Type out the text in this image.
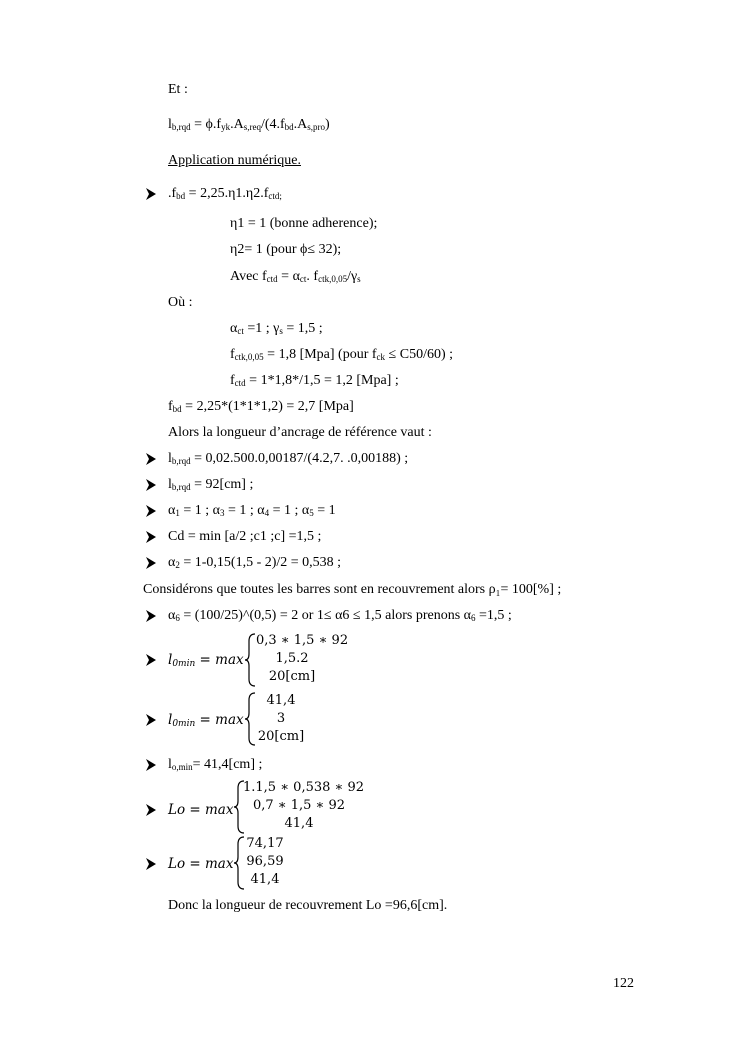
Et :
$l_{b,rqd} = \phi.f_{yk}.A_{s,req}/(4.f_{bd}.A_{s,pro})$
Application numérique.
$.f_{bd} = 2,25.\eta 1.\eta 2.f_{ctd;}$
η1 = 1 (bonne adherence);
η2= 1 (pour ϕ≤ 32);
Avec $f_{ctd} = \alpha_{ct}$. $f_{ctk,0,05}/\gamma_s$
Où :
$\alpha_{ct} =1$ ; $\gamma_s = 1,5$ ;
$f_{ctk,0,05} = 1,8$ [Mpa] (pour $f_{ck} \le C50/60$) ;
$f_{ctd} = 1*1,8*/1,5 = 1,2$ [Mpa] ;
$f_{bd} = 2,25*(1*1*1,2) = 2,7$ [Mpa]
Alors la longueur d’ancrage de référence vaut :
$l_{b,rqd} = 0,02.500.0,00187/(4.2,7$. .0,00188) ;
$l_{b,rqd} = 92[cm]$ ;
$\alpha_1 = 1$ ; $\alpha_3 = 1$ ; $\alpha_4 = 1$ ; $\alpha_5 = 1$
Cd = min [a/2 ;c1 ;c] =1,5 ;
$\alpha_2 = 1-0,15(1,5 - 2)/2 = 0,538$ ;
Considérons que toutes les barres sont en recouvrement alors ρ₁= 100[%] ;
$\alpha_6$ = (100/25)^(0,5) = 2 or 1≤ α6 ≤ 1,5 alors prenons $\alpha_6 =1,5$ ;
$l_{0min} = \max$
0,3 ∗ 1,5 ∗ 92
1,5.2
20[cm]
$l_{0min} = \max$
41,4
3
20[cm]
$l_{o,min}= 41,4[cm]$ ;
Lo = max
1.1,5 ∗ 0,538 ∗ 92
0,7 ∗ 1,5 ∗ 92
41,4
Lo = max
74,17
96,59
41,4
Donc la longueur de recouvrement Lo =96,6[cm].
122
